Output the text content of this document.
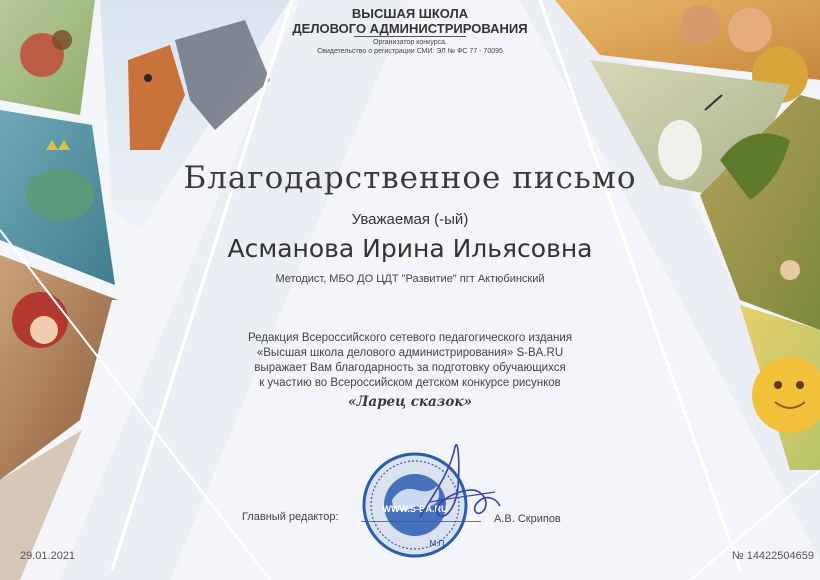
ВЫСШАЯ ШКОЛА
ДЕЛОВОГО АДМИНИСТРИРОВАНИЯ
Организатор конкурса.
Свидетельство о регистрации СМИ: ЭЛ № ФС 77 - 70095
Благодарственное письмо
Уважаемая (-ый)
Асманова Ирина Ильясовна
Методист, МБО ДО ЦДТ "Развитие" пгт Актюбинский
Редакция Всероссийского сетевого педагогического издания
«Высшая школа делового администрирования» S-BA.RU
выражает Вам благодарность за подготовку обучающихся
к участию во Всероссийском детском конкурсе рисунков
«Ларец сказок»
Главный редактор:
WWW.S-BA.RU
М.П.
А.В. Скрипов
29.01.2021	№ 14422504659
